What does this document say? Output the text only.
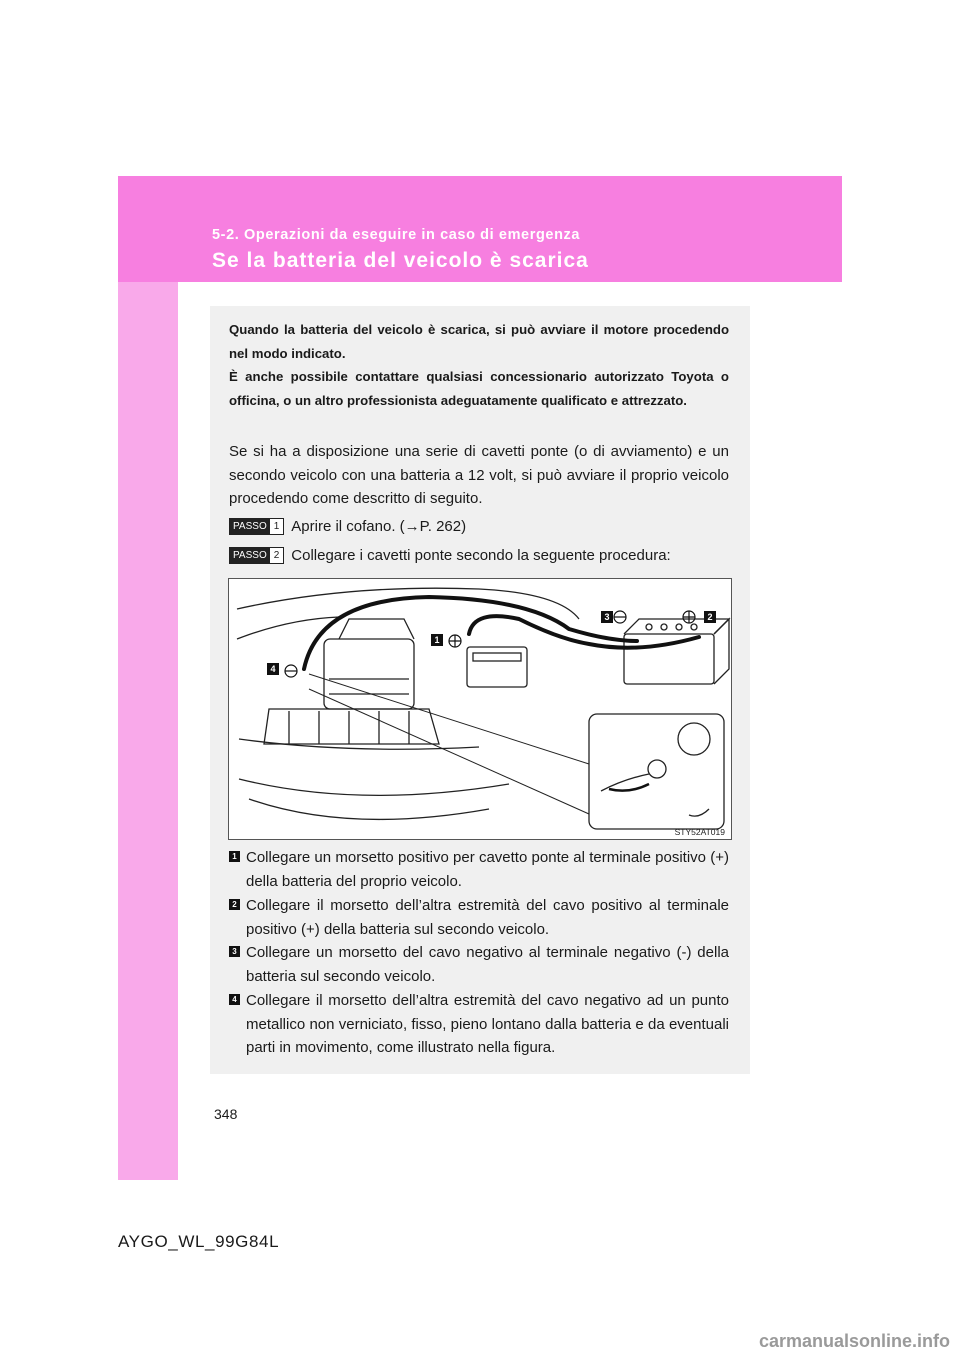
5-2. Operazioni da eseguire in caso di emergenza
Se la batteria del veicolo è scarica

Quando la batteria del veicolo è scarica, si può avviare il motore procedendo nel modo indicato.

È anche possibile contattare qualsiasi concessionario autorizzato Toyota o officina, o un altro professionista adeguatamente qualificato e attrezzato.

Se si ha a disposizione una serie di cavetti ponte (o di avviamento) e un secondo veicolo con una batteria a 12 volt, si può avviare il proprio veicolo procedendo come descritto di seguito.

PASSO 1 Aprire il cofano. (→P. 262)
PASSO 2 Collegare i cavetti ponte secondo la seguente procedura:
3	2
1
4
STY52AT019
1 Collegare un morsetto positivo per cavetto ponte al terminale positivo (+) della batteria del proprio veicolo.
2 Collegare il morsetto dell’altra estremità del cavo positivo al terminale positivo (+) della batteria sul secondo veicolo.
3 Collegare un morsetto del cavo negativo al terminale negativo (-) della batteria sul secondo veicolo.
4 Collegare il morsetto dell’altra estremità del cavo negativo ad un punto metallico non verniciato, fisso, pieno lontano dalla batteria e da eventuali parti in movimento, come illustrato nella figura.
348
AYGO_WL_99G84L
carmanualsonline.info
